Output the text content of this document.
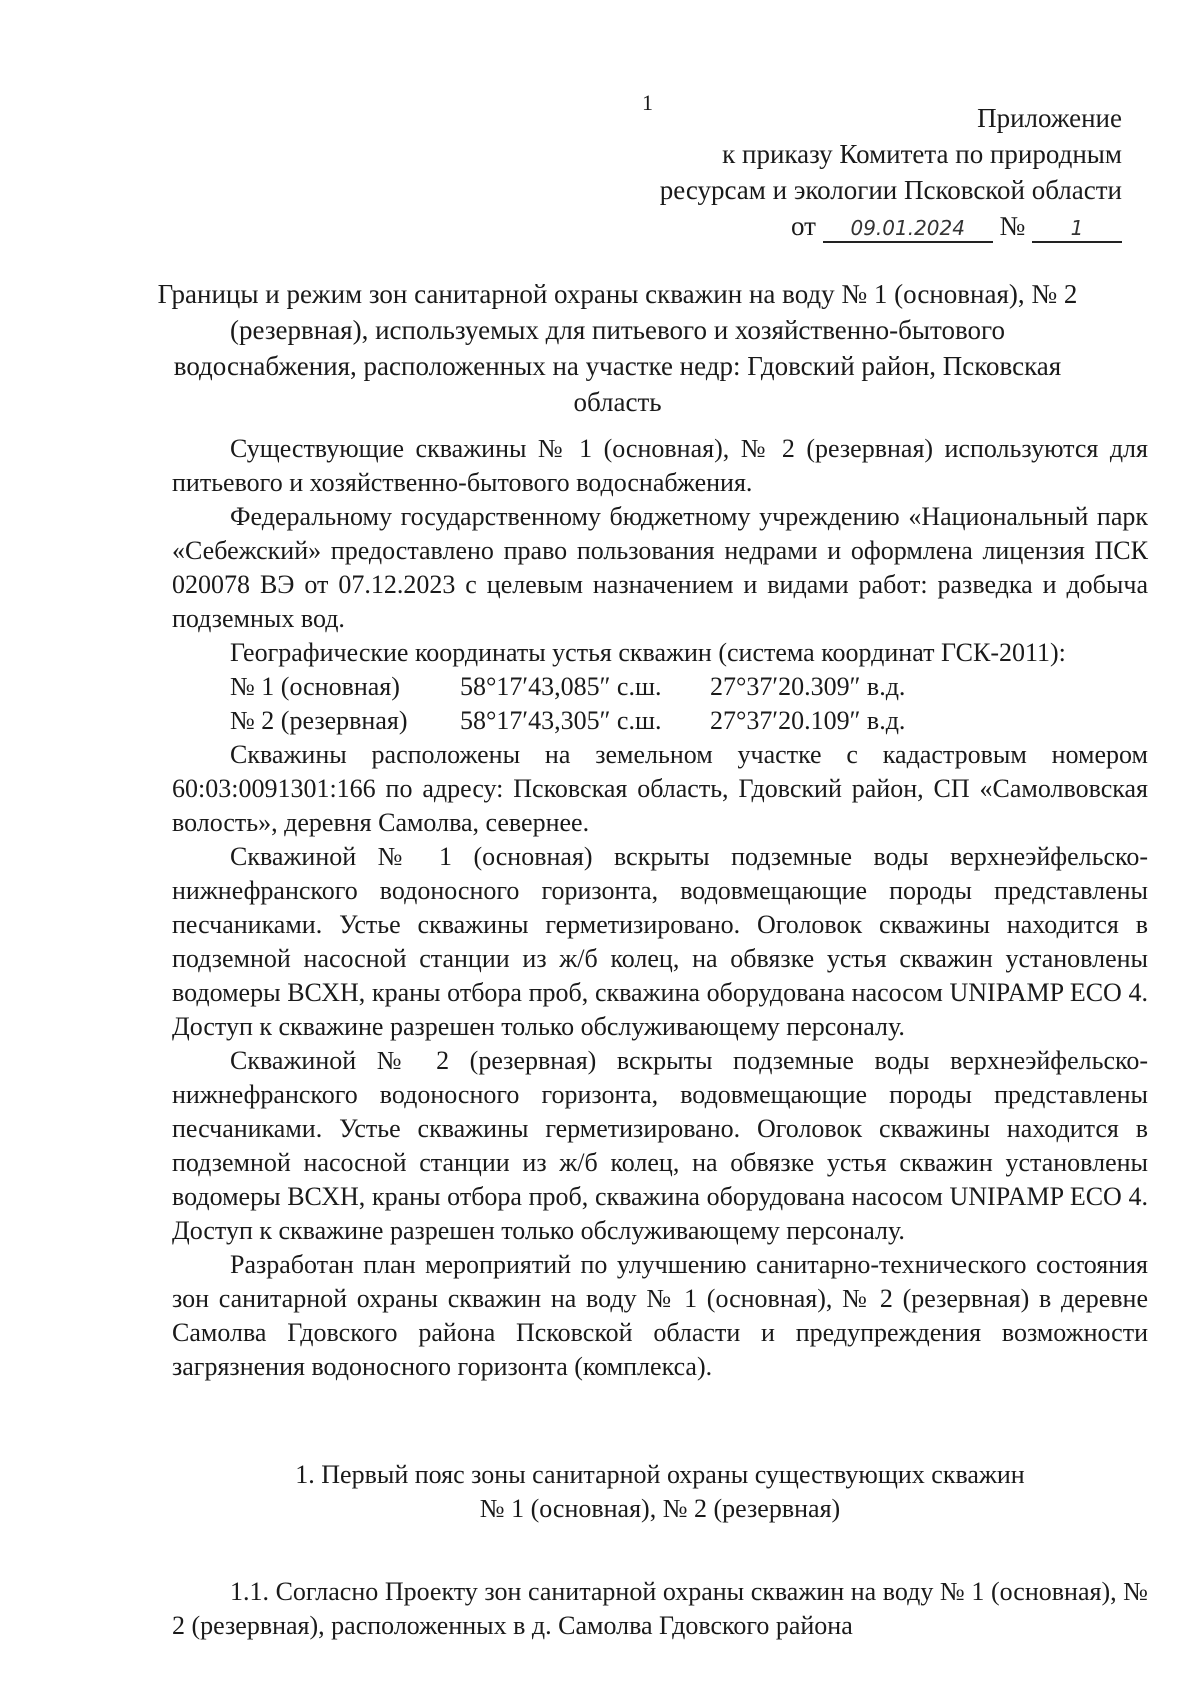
1
Приложение
к приказу Комитета по природным
ресурсам и экологии Псковской области
от 09.01.2024 № 1
Границы и режим зон санитарной охраны скважин на воду № 1 (основная), № 2 (резервная), используемых для питьевого и хозяйственно-бытового водоснабжения, расположенных на участке недр: Гдовский район, Псковская область

Существующие скважины № 1 (основная), № 2 (резервная) используются для питьевого и хозяйственно-бытового водоснабжения.

Федеральному государственному бюджетному учреждению «Национальный парк «Себежский» предоставлено право пользования недрами и оформлена лицензия ПСК 020078 ВЭ от 07.12.2023 с целевым назначением и видами работ: разведка и добыча подземных вод.

Географические координаты устья скважин (система координат ГСК-2011):

№ 1 (основная) 58°17′43,085″ с.ш. 27°37′20.309″ в.д.
№ 2 (резервная) 58°17′43,305″ с.ш. 27°37′20.109″ в.д.

Скважины расположены на земельном участке с кадастровым номером 60:03:0091301:166 по адресу: Псковская область, Гдовский район, СП «Самолвовская волость», деревня Самолва, севернее.

Скважиной № 1 (основная) вскрыты подземные воды верхнеэйфельско-нижнефранского водоносного горизонта, водовмещающие породы представлены песчаниками. Устье скважины герметизировано. Оголовок скважины находится в подземной насосной станции из ж/б колец, на обвязке устья скважин установлены водомеры ВСХН, краны отбора проб, скважина оборудована насосом UNIPAMP ECO 4. Доступ к скважине разрешен только обслуживающему персоналу.

Скважиной № 2 (резервная) вскрыты подземные воды верхнеэйфельско-нижнефранского водоносного горизонта, водовмещающие породы представлены песчаниками. Устье скважины герметизировано. Оголовок скважины находится в подземной насосной станции из ж/б колец, на обвязке устья скважин установлены водомеры ВСХН, краны отбора проб, скважина оборудована насосом UNIPAMP ECO 4. Доступ к скважине разрешен только обслуживающему персоналу.

Разработан план мероприятий по улучшению санитарно-технического состояния зон санитарной охраны скважин на воду № 1 (основная), № 2 (резервная) в деревне Самолва Гдовского района Псковской области и предупреждения возможности загрязнения водоносного горизонта (комплекса).

1. Первый пояс зоны санитарной охраны существующих скважин
№ 1 (основная), № 2 (резервная)

1.1. Согласно Проекту зон санитарной охраны скважин на воду № 1 (основная), № 2 (резервная), расположенных в д. Самолва Гдовского района
